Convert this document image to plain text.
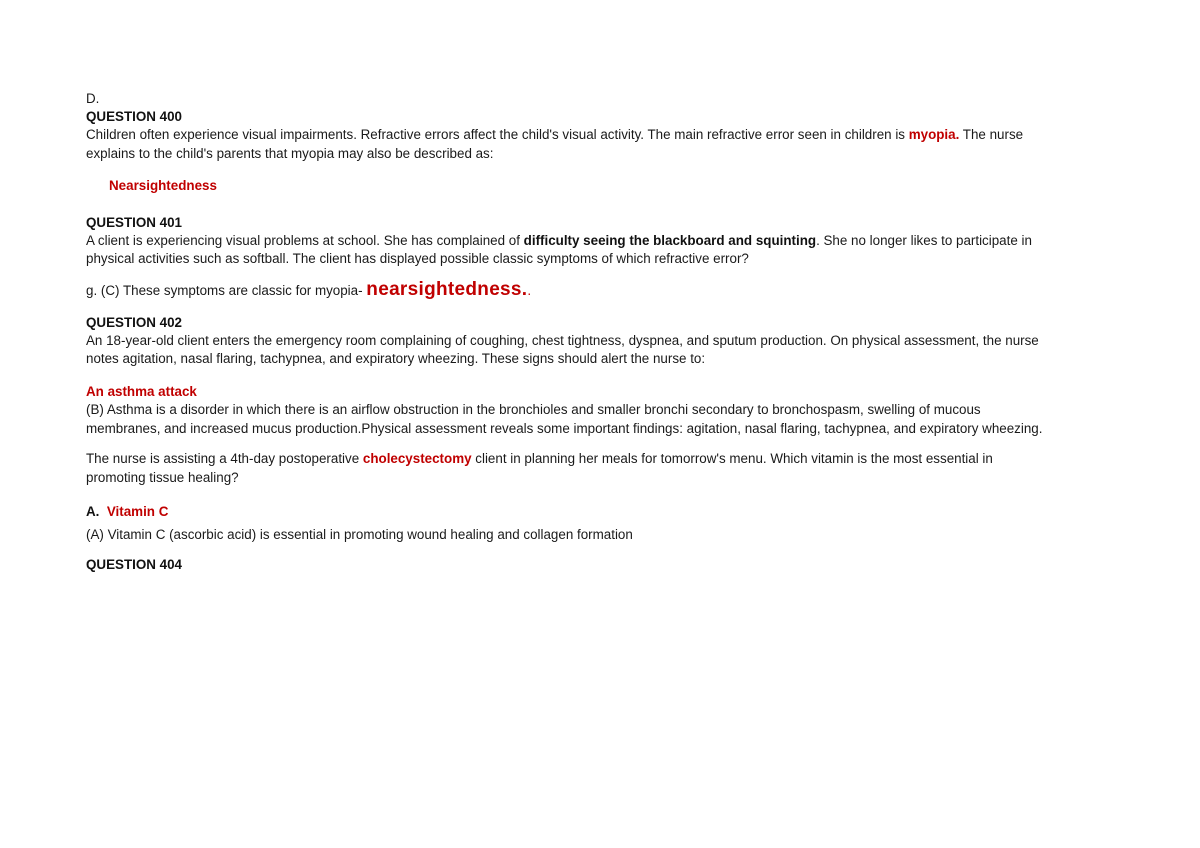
D.

QUESTION 400

Children often experience visual impairments. Refractive errors affect the child's visual activity. The main refractive error seen in children is myopia. The nurse
explains to the child's parents that myopia may also be described as:

Nearsightedness

QUESTION 401

A client is experiencing visual problems at school. She has complained of difficulty seeing the blackboard and squinting. She no longer likes to participate in
physical activities such as softball. The client has displayed possible classic symptoms of which refractive error?

g. (C) These symptoms are classic for myopia- nearsightedness..

QUESTION 402

An 18-year-old client enters the emergency room complaining of coughing, chest tightness, dyspnea, and sputum production. On physical assessment, the nurse
notes agitation, nasal flaring, tachypnea, and expiratory wheezing. These signs should alert the nurse to:

An asthma attack

(B) Asthma is a disorder in which there is an airflow obstruction in the bronchioles and smaller bronchi secondary to bronchospasm, swelling of mucous
membranes, and increased mucus production.Physical assessment reveals some important findings: agitation, nasal flaring, tachypnea, and expiratory wheezing.

The nurse is assisting a 4th-day postoperative cholecystectomy client in planning her meals for tomorrow's menu. Which vitamin is the most essential in
promoting tissue healing?

A. Vitamin C

(A) Vitamin C (ascorbic acid) is essential in promoting wound healing and collagen formation

QUESTION 404
